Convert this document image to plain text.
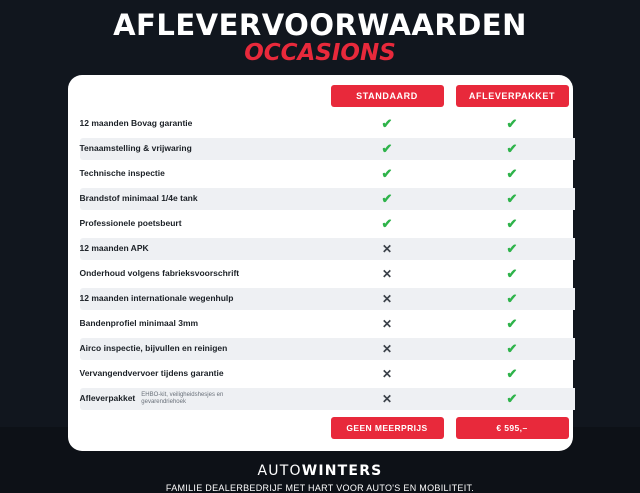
AFLEVERVOORWAARDEN
OCCASIONS

	STANDAARD	AFLEVERPAKKET

12 maanden Bovag garantie	✔	✔

Tenaamstelling & vrijwaring	✔	✔

Technische inspectie	✔	✔

Brandstof minimaal 1/4e tank	✔	✔

Professionele poetsbeurt	✔	✔

12 maanden APK	✕	✔

Onderhoud volgens fabrieksvoorschrift	✕	✔

12 maanden internationale wegenhulp	✕	✔

Bandenprofiel minimaal 3mm	✕	✔

Airco inspectie, bijvullen en reinigen	✕	✔

Vervangendvervoer tijdens garantie	✕	✔

Afleverpakket EHBO-kit, veiligheidshesjes en gevarendriehoek	✕	✔

	GEEN MEERPRIJS	€ 595,–
AUTOWINTERS
FAMILIE DEALERBEDRIJF MET HART VOOR AUTO'S EN MOBILITEIT.
